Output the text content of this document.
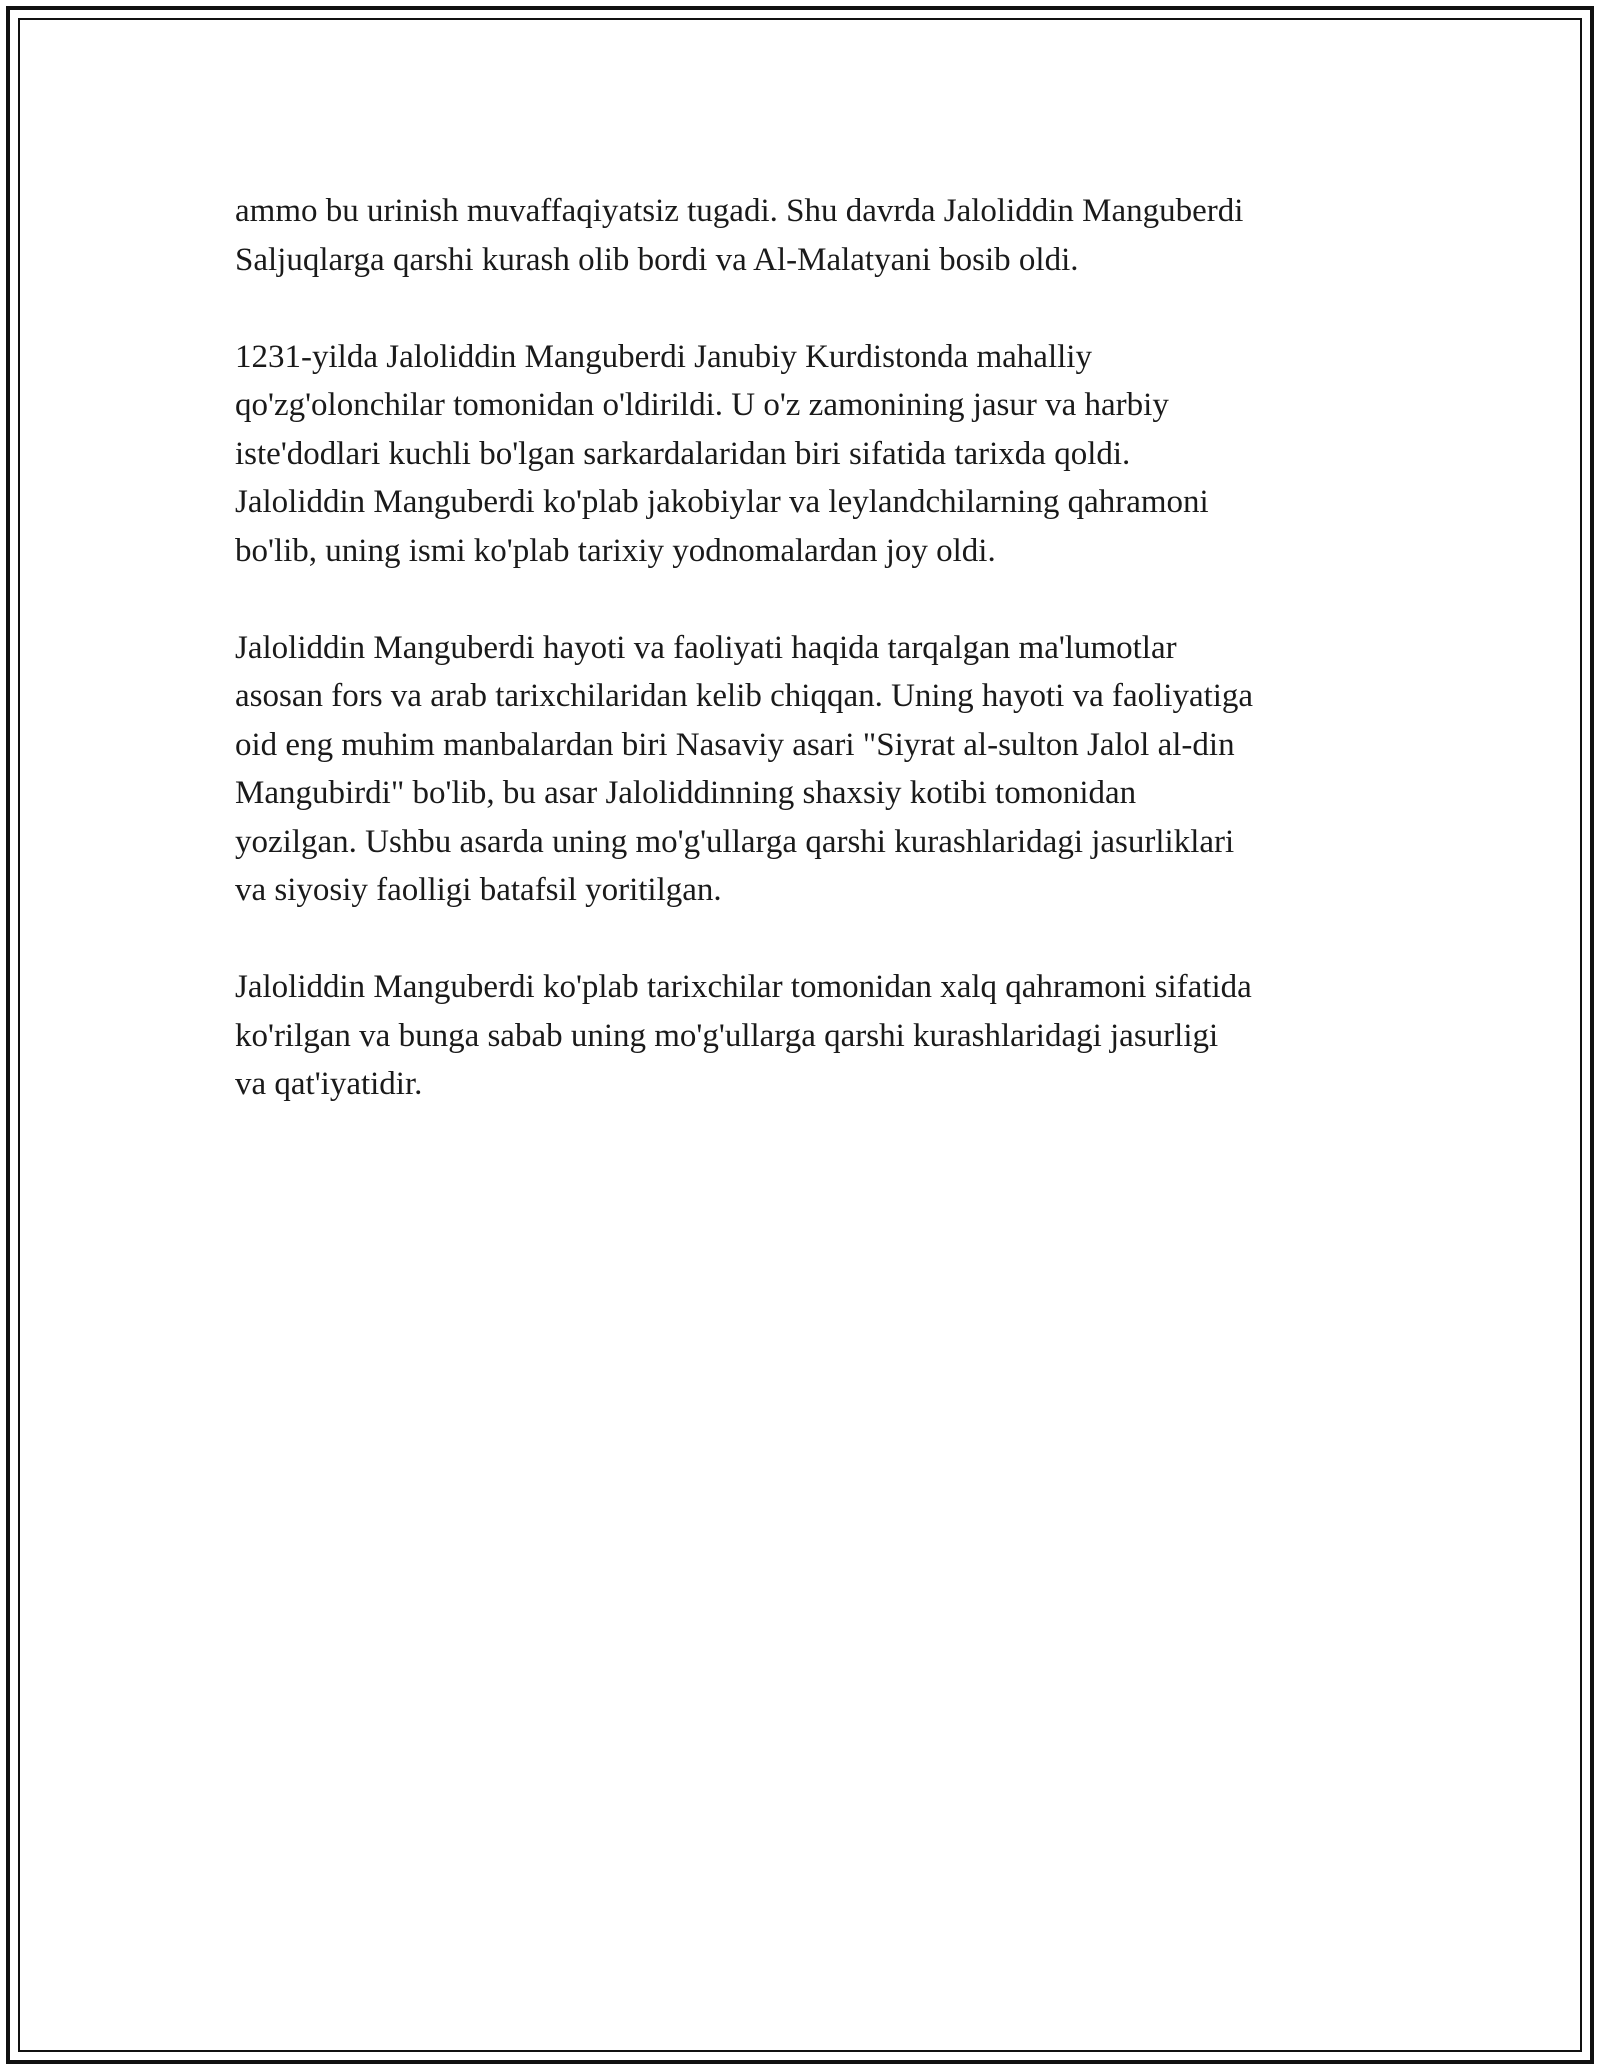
ammo bu urinish muvaffaqiyatsiz tugadi. Shu davrda Jaloliddin Manguberdi
Saljuqlarga qarshi kurash olib bordi va Al-Malatyani bosib oldi.

1231-yilda Jaloliddin Manguberdi Janubiy Kurdistonda mahalliy
qo'zg'olonchilar tomonidan o'ldirildi. U o'z zamonining jasur va harbiy
iste'dodlari kuchli bo'lgan sarkardalaridan biri sifatida tarixda qoldi.
Jaloliddin Manguberdi ko'plab jakobiylar va leylandchilarning qahramoni
bo'lib, uning ismi ko'plab tarixiy yodnomalardan joy oldi.

Jaloliddin Manguberdi hayoti va faoliyati haqida tarqalgan ma'lumotlar
asosan fors va arab tarixchilaridan kelib chiqqan. Uning hayoti va faoliyatiga
oid eng muhim manbalardan biri Nasaviy asari "Siyrat al-sulton Jalol al-din
Mangubirdi" bo'lib, bu asar Jaloliddinning shaxsiy kotibi tomonidan
yozilgan. Ushbu asarda uning mo'g'ullarga qarshi kurashlaridagi jasurliklari
va siyosiy faolligi batafsil yoritilgan.

Jaloliddin Manguberdi ko'plab tarixchilar tomonidan xalq qahramoni sifatida
ko'rilgan va bunga sabab uning mo'g'ullarga qarshi kurashlaridagi jasurligi
va qat'iyatidir.
